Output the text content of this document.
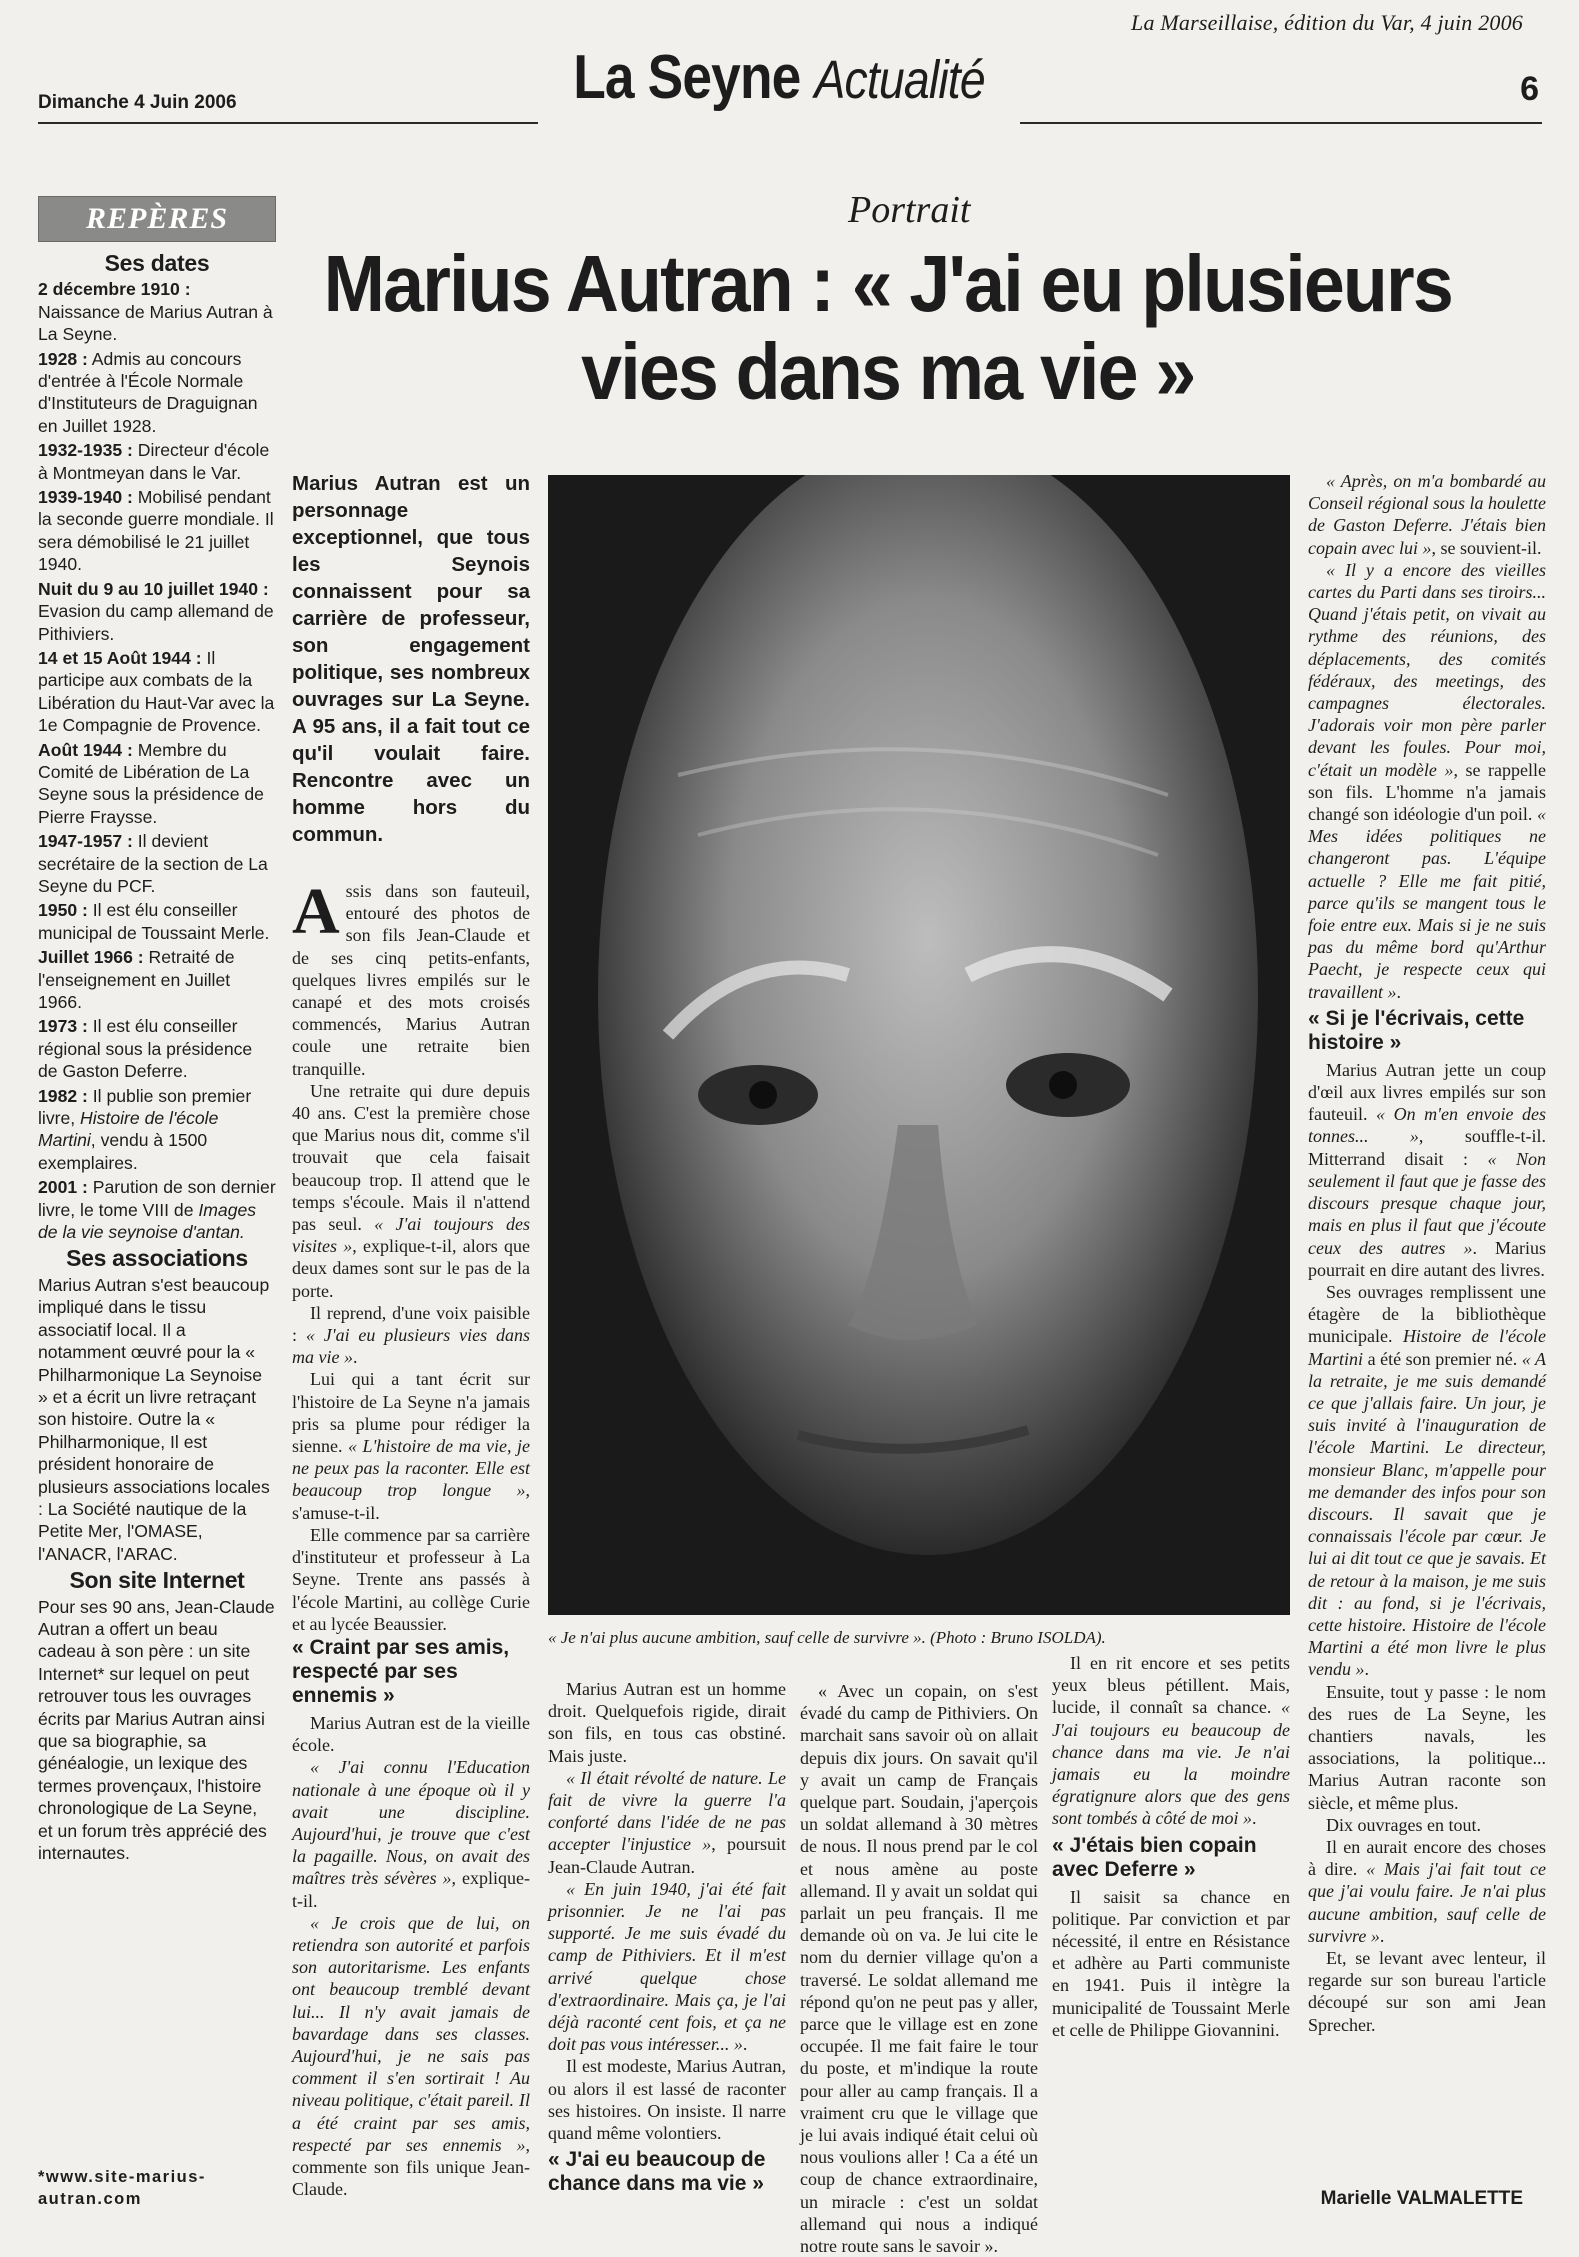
La Marseillaise, édition du Var, 4 juin 2006
Dimanche 4 Juin 2006	La Seyne Actualité	6
REPÈRES
Ses dates

2 décembre 1910 : Naissance de Marius Autran à La Seyne.

1928 : Admis au concours d'entrée à l'École Normale d'Instituteurs de Draguignan en Juillet 1928.

1932-1935 : Directeur d'école à Montmeyan dans le Var.

1939-1940 : Mobilisé pendant la seconde guerre mondiale. Il sera démobilisé le 21 juillet 1940.

Nuit du 9 au 10 juillet 1940 : Evasion du camp allemand de Pithiviers.

14 et 15 Août 1944 : Il participe aux combats de la Libération du Haut-Var avec la 1e Compagnie de Provence.

Août 1944 : Membre du Comité de Libération de La Seyne sous la présidence de Pierre Fraysse.

1947-1957 : Il devient secrétaire de la section de La Seyne du PCF.

1950 : Il est élu conseiller municipal de Toussaint Merle.

Juillet 1966 : Retraité de l'enseignement en Juillet 1966.

1973 : Il est élu conseiller régional sous la présidence de Gaston Deferre.

1982 : Il publie son premier livre, Histoire de l'école Martini, vendu à 1500 exemplaires.

2001 : Parution de son dernier livre, le tome VIII de Images de la vie seynoise d'antan.

Ses associations

Marius Autran s'est beaucoup impliqué dans le tissu associatif local. Il a notamment œuvré pour la « Philharmonique La Seynoise » et a écrit un livre retraçant son histoire. Outre la « Philharmonique, Il est président honoraire de plusieurs associations locales : La Société nautique de la Petite Mer, l'OMASE, l'ANACR, l'ARAC.

Son site Internet

Pour ses 90 ans, Jean-Claude Autran a offert un beau cadeau à son père : un site Internet* sur lequel on peut retrouver tous les ouvrages écrits par Marius Autran ainsi que sa biographie, sa généalogie, un lexique des termes provençaux, l'histoire chronologique de La Seyne, et un forum très apprécié des internautes.

*www.site-marius-autran.com
Portrait
Marius Autran : « J'ai eu plusieurs vies dans ma vie »
Marius Autran est un personnage exceptionnel, que tous les Seynois connaissent pour sa carrière de professeur, son engagement politique, ses nombreux ouvrages sur La Seyne. A 95 ans, il a fait tout ce qu'il voulait faire. Rencontre avec un homme hors du commun.
« Je n'ai plus aucune ambition, sauf celle de survivre ». (Photo : Bruno ISOLDA).

Assis dans son fauteuil, entouré des photos de son fils Jean-Claude et de ses cinq petits-enfants, quelques livres empilés sur le canapé et des mots croisés commencés, Marius Autran coule une retraite bien tranquille.

Une retraite qui dure depuis 40 ans. C'est la première chose que Marius nous dit, comme s'il trouvait que cela faisait beaucoup trop. Il attend que le temps s'écoule. Mais il n'attend pas seul. « J'ai toujours des visites », explique-t-il, alors que deux dames sont sur le pas de la porte.

Il reprend, d'une voix paisible : « J'ai eu plusieurs vies dans ma vie ».

Lui qui a tant écrit sur l'histoire de La Seyne n'a jamais pris sa plume pour rédiger la sienne. « L'histoire de ma vie, je ne peux pas la raconter. Elle est beaucoup trop longue », s'amuse-t-il.

Elle commence par sa carrière d'instituteur et professeur à La Seyne. Trente ans passés à l'école Martini, au collège Curie et au lycée Beaussier.

« Craint par ses amis, respecté par ses ennemis »

Marius Autran est de la vieille école.

« J'ai connu l'Education nationale à une époque où il y avait une discipline. Aujourd'hui, je trouve que c'est la pagaille. Nous, on avait des maîtres très sévères », explique-t-il.

« Je crois que de lui, on retiendra son autorité et parfois son autoritarisme. Les enfants ont beaucoup tremblé devant lui... Il n'y avait jamais de bavardage dans ses classes. Aujourd'hui, je ne sais pas comment il s'en sortirait ! Au niveau politique, c'était pareil. Il a été craint par ses amis, respecté par ses ennemis », commente son fils unique Jean-Claude.

Marius Autran est un homme droit. Quelquefois rigide, dirait son fils, en tous cas obstiné. Mais juste.

« Il était révolté de nature. Le fait de vivre la guerre l'a conforté dans l'idée de ne pas accepter l'injustice », poursuit Jean-Claude Autran.

« En juin 1940, j'ai été fait prisonnier. Je ne l'ai pas supporté. Je me suis évadé du camp de Pithiviers. Et il m'est arrivé quelque chose d'extraordinaire. Mais ça, je l'ai déjà raconté cent fois, et ça ne doit pas vous intéresser... ».

Il est modeste, Marius Autran, ou alors il est lassé de raconter ses histoires. On insiste. Il narre quand même volontiers.

« J'ai eu beaucoup de chance dans ma vie »

« Avec un copain, on s'est évadé du camp de Pithiviers. On marchait sans savoir où on allait depuis dix jours. On savait qu'il y avait un camp de Français quelque part. Soudain, j'aperçois un soldat allemand à 30 mètres de nous. Il nous prend par le col et nous amène au poste allemand. Il y avait un soldat qui parlait un peu français. Il me demande où on va. Je lui cite le nom du dernier village qu'on a traversé. Le soldat allemand me répond qu'on ne peut pas y aller, parce que le village est en zone occupée. Il me fait faire le tour du poste, et m'indique la route pour aller au camp français. Il a vraiment cru que le village que je lui avais indiqué était celui où nous voulions aller ! Ca a été un coup de chance extraordinaire, un miracle : c'est un soldat allemand qui nous a indiqué notre route sans le savoir ».

Il en rit encore et ses petits yeux bleus pétillent. Mais, lucide, il connaît sa chance. « J'ai toujours eu beaucoup de chance dans ma vie. Je n'ai jamais eu la moindre égratignure alors que des gens sont tombés à côté de moi ».

« J'étais bien copain avec Deferre »

Il saisit sa chance en politique. Par conviction et par nécessité, il entre en Résistance et adhère au Parti communiste en 1941. Puis il intègre la municipalité de Toussaint Merle et celle de Philippe Giovannini.

« Après, on m'a bombardé au Conseil régional sous la houlette de Gaston Deferre. J'étais bien copain avec lui », se souvient-il.

« Il y a encore des vieilles cartes du Parti dans ses tiroirs... Quand j'étais petit, on vivait au rythme des réunions, des déplacements, des comités fédéraux, des meetings, des campagnes électorales. J'adorais voir mon père parler devant les foules. Pour moi, c'était un modèle », se rappelle son fils. L'homme n'a jamais changé son idéologie d'un poil. « Mes idées politiques ne changeront pas. L'équipe actuelle ? Elle me fait pitié, parce qu'ils se mangent tous le foie entre eux. Mais si je ne suis pas du même bord qu'Arthur Paecht, je respecte ceux qui travaillent ».

« Si je l'écrivais, cette histoire »

Marius Autran jette un coup d'œil aux livres empilés sur son fauteuil. « On m'en envoie des tonnes... », souffle-t-il. Mitterrand disait : « Non seulement il faut que je fasse des discours presque chaque jour, mais en plus il faut que j'écoute ceux des autres ». Marius pourrait en dire autant des livres.

Ses ouvrages remplissent une étagère de la bibliothèque municipale. Histoire de l'école Martini a été son premier né. « A la retraite, je me suis demandé ce que j'allais faire. Un jour, je suis invité à l'inauguration de l'école Martini. Le directeur, monsieur Blanc, m'appelle pour me demander des infos pour son discours. Il savait que je connaissais l'école par cœur. Je lui ai dit tout ce que je savais. Et de retour à la maison, je me suis dit : au fond, si je l'écrivais, cette histoire. Histoire de l'école Martini a été mon livre le plus vendu ».

Ensuite, tout y passe : le nom des rues de La Seyne, les chantiers navals, les associations, la politique... Marius Autran raconte son siècle, et même plus.

Dix ouvrages en tout.

Il en aurait encore des choses à dire. « Mais j'ai fait tout ce que j'ai voulu faire. Je n'ai plus aucune ambition, sauf celle de survivre ».

Et, se levant avec lenteur, il regarde sur son bureau l'article découpé sur son ami Jean Sprecher.

Marielle VALMALETTE
